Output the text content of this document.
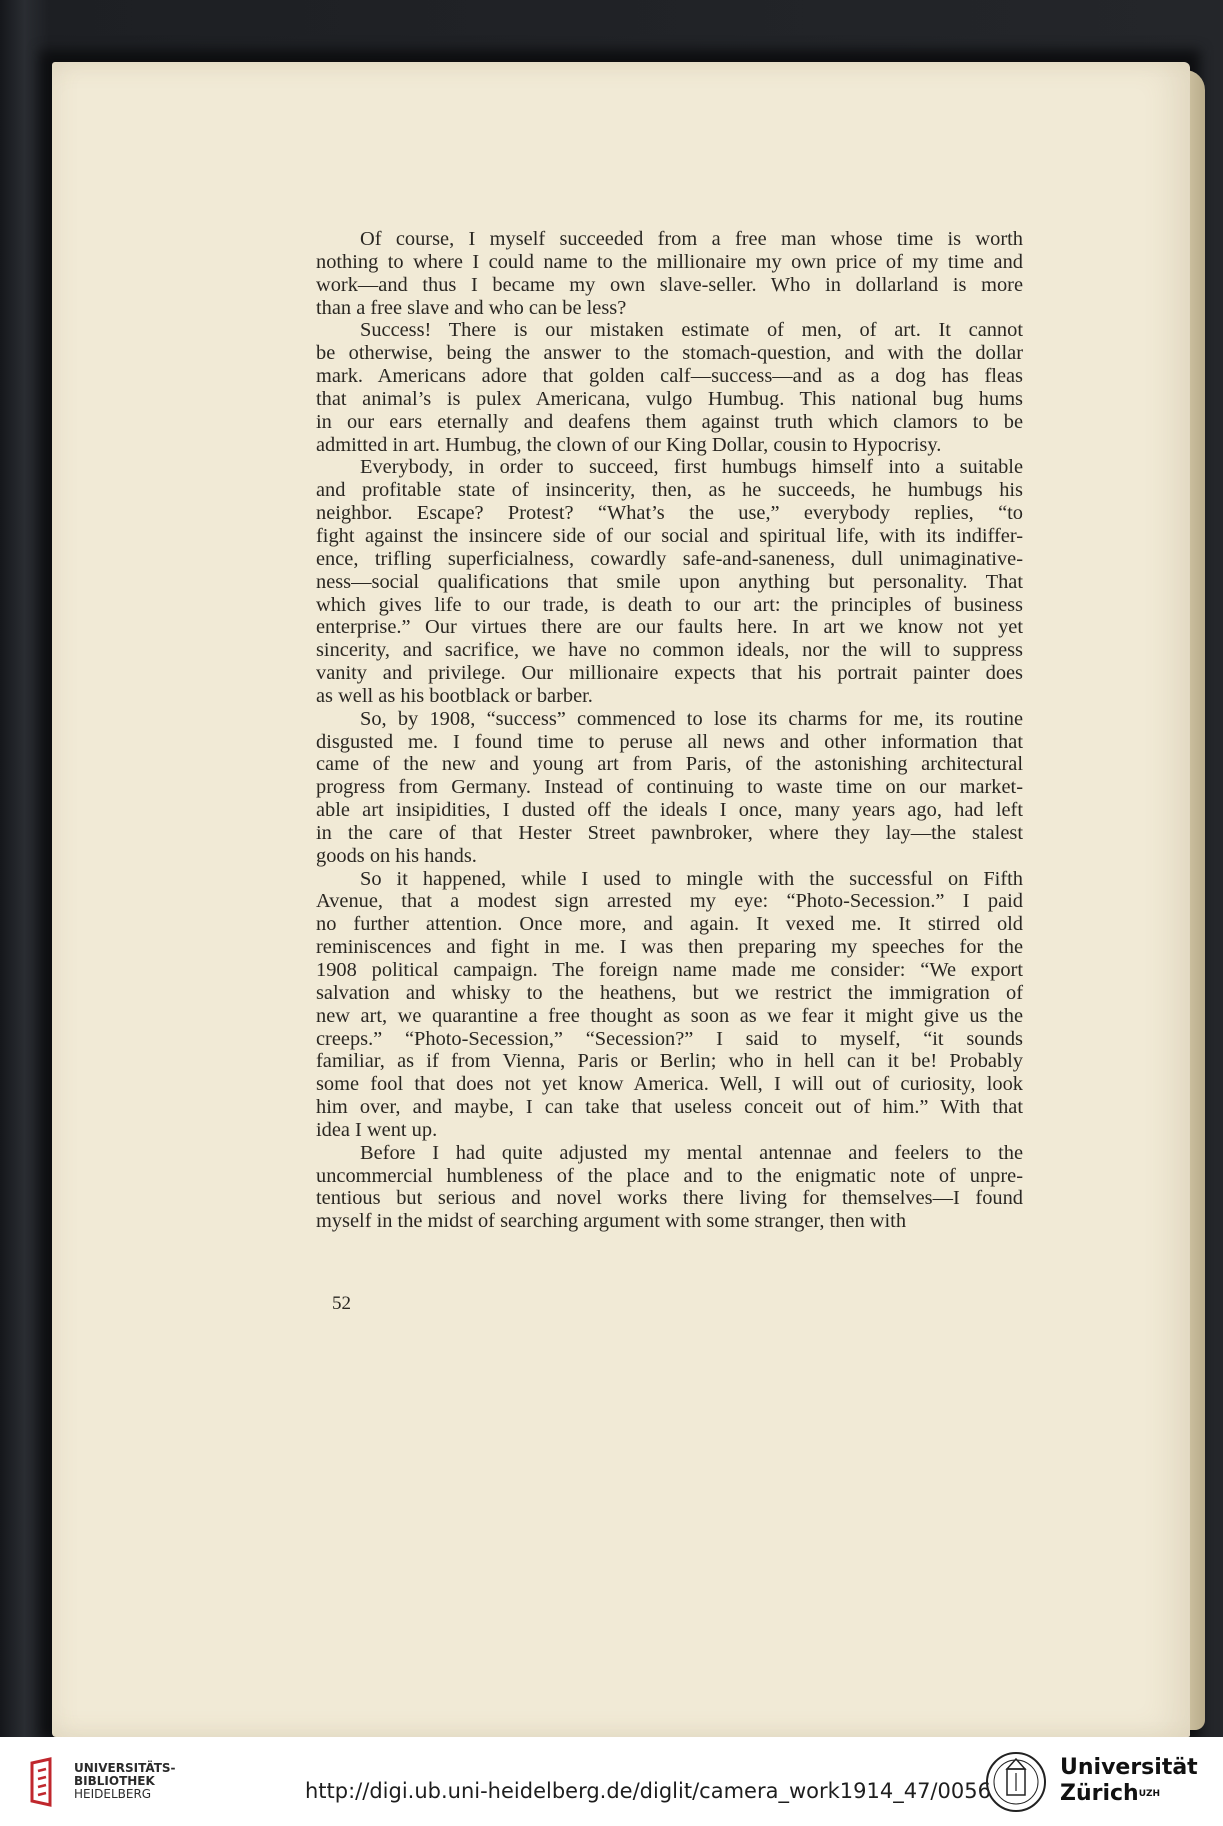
Of course, I myself succeeded from a free man whose time is worth
nothing to where I could name to the millionaire my own price of my time and
work—and thus I became my own slave-seller. Who in dollarland is more
than a free slave and who can be less?
Success! There is our mistaken estimate of men, of art. It cannot
be otherwise, being the answer to the stomach-question, and with the dollar
mark. Americans adore that golden calf—success—and as a dog has fleas
that animal’s is pulex Americana, vulgo Humbug. This national bug hums
in our ears eternally and deafens them against truth which clamors to be
admitted in art. Humbug, the clown of our King Dollar, cousin to Hypocrisy.
Everybody, in order to succeed, first humbugs himself into a suitable
and profitable state of insincerity, then, as he succeeds, he humbugs his
neighbor. Escape? Protest? “What’s the use,” everybody replies, “to
fight against the insincere side of our social and spiritual life, with its indiffer-
ence, trifling superficialness, cowardly safe-and-saneness, dull unimaginative-
ness—social qualifications that smile upon anything but personality. That
which gives life to our trade, is death to our art: the principles of business
enterprise.” Our virtues there are our faults here. In art we know not yet
sincerity, and sacrifice, we have no common ideals, nor the will to suppress
vanity and privilege. Our millionaire expects that his portrait painter does
as well as his bootblack or barber.
So, by 1908, “success” commenced to lose its charms for me, its routine
disgusted me. I found time to peruse all news and other information that
came of the new and young art from Paris, of the astonishing architectural
progress from Germany. Instead of continuing to waste time on our market-
able art insipidities, I dusted off the ideals I once, many years ago, had left
in the care of that Hester Street pawnbroker, where they lay—the stalest
goods on his hands.
So it happened, while I used to mingle with the successful on Fifth
Avenue, that a modest sign arrested my eye: “Photo-Secession.” I paid
no further attention. Once more, and again. It vexed me. It stirred old
reminiscences and fight in me. I was then preparing my speeches for the
1908 political campaign. The foreign name made me consider: “We export
salvation and whisky to the heathens, but we restrict the immigration of
new art, we quarantine a free thought as soon as we fear it might give us the
creeps.” “Photo-Secession,” “Secession?” I said to myself, “it sounds
familiar, as if from Vienna, Paris or Berlin; who in hell can it be! Probably
some fool that does not yet know America. Well, I will out of curiosity, look
him over, and maybe, I can take that useless conceit out of him.” With that
idea I went up.
Before I had quite adjusted my mental antennae and feelers to the
uncommercial humbleness of the place and to the enigmatic note of unpre-
tentious but serious and novel works there living for themselves—I found
myself in the midst of searching argument with some stranger, then with
52
UNIVERSITÄTS-
BIBLIOTHEK
HEIDELBERG	http://digi.ub.uni-heidelberg.de/diglit/camera_work1914_47/0056
Universität
Zürich$^{UZH}$
